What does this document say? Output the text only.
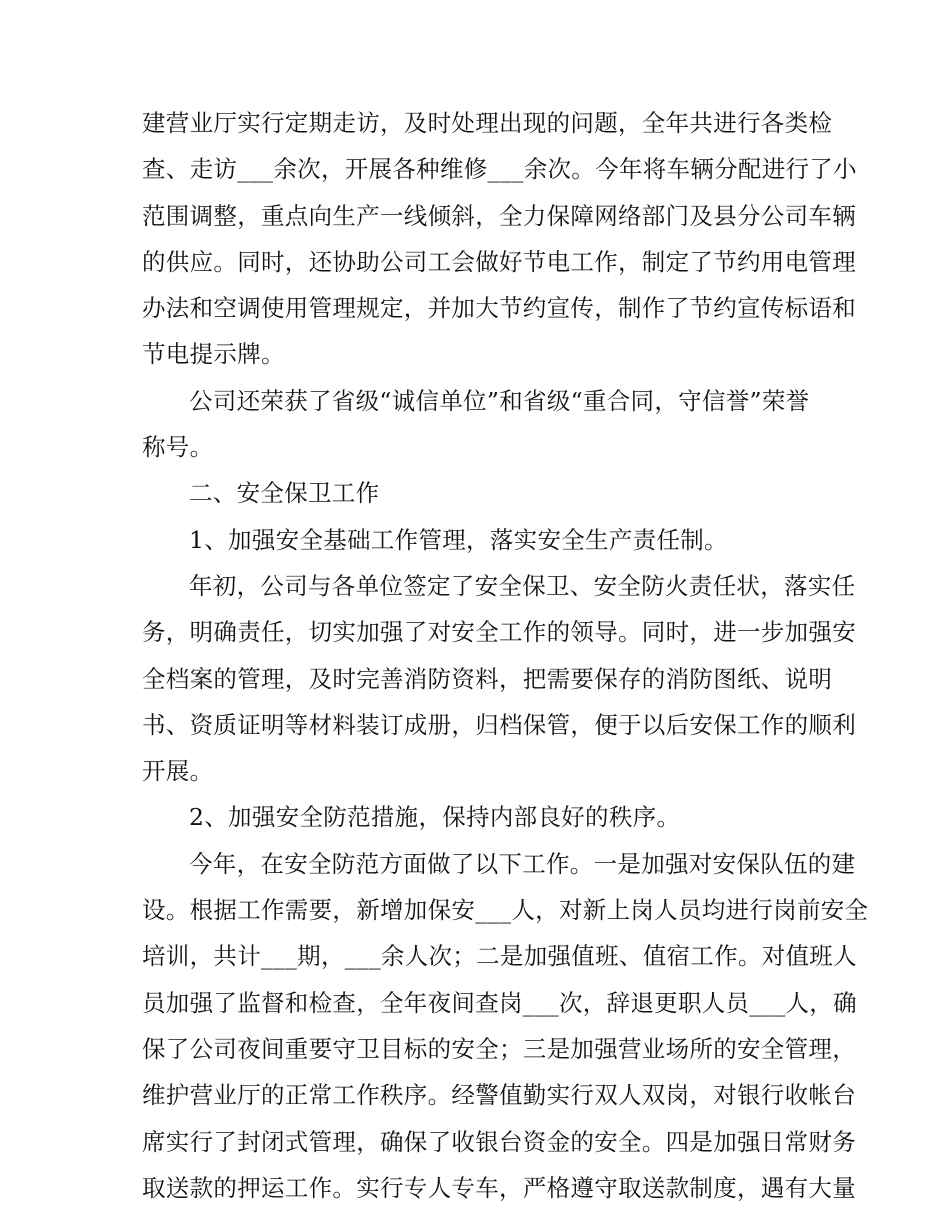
建营业厅实行定期走访，及时处理出现的问题，全年共进行各类检
查、走访___余次，开展各种维修___余次。今年将车辆分配进行了小
范围调整，重点向生产一线倾斜，全力保障网络部门及县分公司车辆
的供应。同时，还协助公司工会做好节电工作，制定了节约用电管理
办法和空调使用管理规定，并加大节约宣传，制作了节约宣传标语和
节电提示牌。
公司还荣获了省级“诚信单位”和省级“重合同，守信誉”荣誉
称号。
二、安全保卫工作
1、加强安全基础工作管理，落实安全生产责任制。
年初，公司与各单位签定了安全保卫、安全防火责任状，落实任
务，明确责任，切实加强了对安全工作的领导。同时，进一步加强安
全档案的管理，及时完善消防资料，把需要保存的消防图纸、说明
书、资质证明等材料装订成册，归档保管，便于以后安保工作的顺利
开展。
2、加强安全防范措施，保持内部良好的秩序。
今年，在安全防范方面做了以下工作。一是加强对安保队伍的建
设。根据工作需要，新增加保安___人，对新上岗人员均进行岗前安全
培训，共计___期，___余人次；二是加强值班、值宿工作。对值班人
员加强了监督和检查，全年夜间查岗___次，辞退更职人员___人，确
保了公司夜间重要守卫目标的安全；三是加强营业场所的安全管理，
维护营业厅的正常工作秩序。经警值勤实行双人双岗，对银行收帐台
席实行了封闭式管理，确保了收银台资金的安全。四是加强日常财务
取送款的押运工作。实行专人专车，严格遵守取送款制度，遇有大量
